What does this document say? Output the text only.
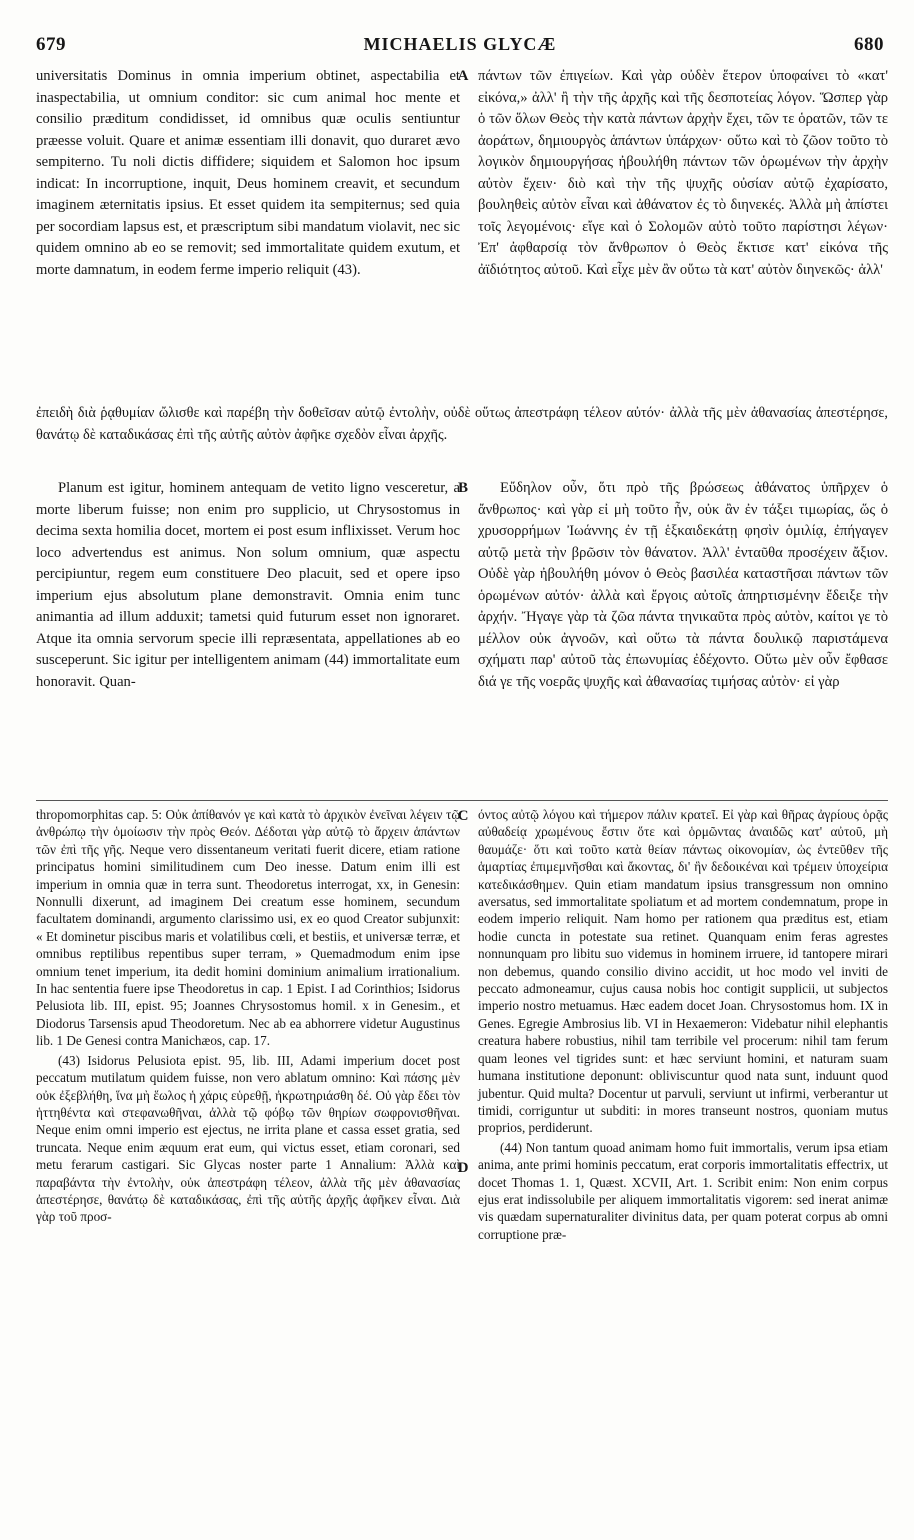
679	MICHAELIS GLYCÆ	680

universitatis Dominus in omnia imperium obtinet, aspectabilia et inaspectabilia, ut omnium conditor: sic cum animal hoc mente et consilio præditum condidisset, id omnibus quæ oculis sentiuntur præesse voluit. Quare et animæ essentiam illi donavit, quo duraret ævo sempiterno. Tu noli dictis diffidere; siquidem et Salomon hoc ipsum indicat: In incorruptione, inquit, Deus hominem creavit, et secundum imaginem æternitatis ipsius. Et esset quidem ita sempiternus; sed quia per socordiam lapsus est, et præscriptum sibi mandatum violavit, nec sic quidem omnino ab eo se removit; sed immortalitate quidem exutum, et morte damnatum, in eodem ferme imperio reliquit (43).

πάντων τῶν ἐπιγείων. Καὶ γὰρ οὐδὲν ἕτερον ὑποφαίνει τὸ «κατ' εἰκόνα,» ἀλλ' ἢ τὴν τῆς ἀρχῆς καὶ τῆς δεσποτείας λόγον. Ὥσπερ γὰρ ὁ τῶν ὅλων Θεὸς τὴν κατὰ πάντων ἀρχὴν ἔχει, τῶν τε ὁρατῶν, τῶν τε ἀοράτων, δημιουργὸς ἁπάντων ὑπάρχων· οὕτω καὶ τὸ ζῶον τοῦτο τὸ λογικὸν δημιουργήσας ἠβουλήθη πάντων τῶν ὁρωμένων τὴν ἀρχὴν αὐτὸν ἔχειν· διὸ καὶ τὴν τῆς ψυχῆς οὐσίαν αὐτῷ ἐχαρίσατο, βουληθεὶς αὐτὸν εἶναι καὶ ἀθάνατον ἐς τὸ διηνεκές. Ἀλλὰ μὴ ἀπίστει τοῖς λεγομένοις· εἴγε καὶ ὁ Σολομῶν αὐτὸ τοῦτο παρίστησι λέγων· Ἐπ' ἀφθαρσίᾳ τὸν ἄνθρωπον ὁ Θεὸς ἔκτισε κατ' εἰκόνα τῆς ἀϊδιότητος αὐτοῦ. Καὶ εἶχε μὲν ἂν οὕτω τὰ κατ' αὐτὸν διηνεκῶς· ἀλλ'

A

ἐπειδὴ διὰ ῥᾳθυμίαν ὤλισθε καὶ παρέβη τὴν δοθεῖσαν αὐτῷ ἐντολὴν, οὐδὲ οὕτως ἀπεστράφη τέλεον αὐτόν· ἀλλὰ τῆς μὲν ἀθανασίας ἀπεστέρησε, θανάτῳ δὲ καταδικάσας ἐπὶ τῆς αὐτῆς αὐτὸν ἀφῆκε σχεδὸν εἶναι ἀρχῆς.

Planum est igitur, hominem antequam de vetito ligno vesceretur, a morte liberum fuisse; non enim pro supplicio, ut Chrysostomus in decima sexta homilia docet, mortem ei post esum inflixisset. Verum hoc loco advertendus est animus. Non solum omnium, quæ aspectu percipiuntur, regem eum constituere Deo placuit, sed et opere ipso imperium ejus absolutum plane demonstravit. Omnia enim tunc animantia ad illum adduxit; tametsi quid futurum esset non ignoraret. Atque ita omnia servorum specie illi repræsentata, appellationes ab eo susceperunt. Sic igitur per intelligentem animam (44) immortalitate eum honoravit. Quan-

Εὔδηλον οὖν, ὅτι πρὸ τῆς βρώσεως ἀθάνατος ὑπῆρχεν ὁ ἄνθρωπος· καὶ γὰρ εἰ μὴ τοῦτο ἦν, οὐκ ἂν ἐν τάξει τιμωρίας, ὥς ὁ χρυσορρήμων Ἰωάννης ἐν τῇ ἑξκαιδεκάτῃ φησὶν ὁμιλίᾳ, ἐπήγαγεν αὐτῷ μετὰ τὴν βρῶσιν τὸν θάνατον. Ἀλλ' ἐνταῦθα προσέχειν ἄξιον. Οὐδὲ γὰρ ἠβουλήθη μόνον ὁ Θεὸς βασιλέα καταστῆσαι πάντων τῶν ὁρωμένων αὐτόν· ἀλλὰ καὶ ἔργοις αὐτοῖς ἀπηρτισμένην ἔδειξε τὴν ἀρχήν. Ἤγαγε γὰρ τὰ ζῶα πάντα τηνικαῦτα πρὸς αὐτὸν, καίτοι γε τὸ μέλλον οὐκ ἀγνοῶν, καὶ οὕτω τὰ πάντα δουλικῷ παριστάμενα σχήματι παρ' αὐτοῦ τὰς ἐπωνυμίας ἐδέχοντο. Οὕτω μὲν οὖν ἔφθασε διά γε τῆς νοερᾶς ψυχῆς καὶ ἀθανασίας τιμήσας αὐτὸν· εἰ γὰρ

B

thropomorphitas cap. 5: Οὐκ ἀπίθανόν γε καὶ κατὰ τὸ ἀρχικὸν ἐνεῖναι λέγειν τῷ ἀνθρώπῳ τὴν ὁμοίωσιν τὴν πρὸς Θεόν. Δέδοται γὰρ αὐτῷ τὸ ἄρχειν ἁπάντων τῶν ἐπὶ τῆς γῆς. Neque vero dissentaneum veritati fuerit dicere, etiam ratione principatus homini similitudinem cum Deo inesse. Datum enim illi est imperium in omnia quæ in terra sunt. Theodoretus interrogat, xx, in Genesin: Nonnulli dixerunt, ad imaginem Dei creatum esse hominem, secundum facultatem dominandi, argumento clarissimo usi, ex eo quod Creator subjunxit: « Et dominetur piscibus maris et volatilibus cœli, et bestiis, et universæ terræ, et omnibus reptilibus repentibus super terram, » Quemadmodum enim ipse omnium tenet imperium, ita dedit homini dominium animalium irrationalium. In hac sententia fuere ipse Theodoretus in cap. 1 Epist. I ad Corinthios; Isidorus Pelusiota lib. III, epist. 95; Joannes Chrysostomus homil. x in Genesim., et Diodorus Tarsensis apud Theodoretum. Nec ab ea abhorrere videtur Augustinus lib. 1 De Genesi contra Manichæos, cap. 17.

(43) Isidorus Pelusiota epist. 95, lib. III, Adami imperium docet post peccatum mutilatum quidem fuisse, non vero ablatum omnino: Καὶ πάσης μὲν οὐκ ἐξεβλήθη, ἵνα μὴ ἕωλος ἡ χάρις εὑρεθῇ, ἠκρωτηριάσθη δέ. Οὐ γὰρ ἔδει τὸν ἡττηθέντα καὶ στεφανωθῆναι, ἀλλὰ τῷ φόβῳ τῶν θηρίων σωφρονισθῆναι. Neque enim omni imperio est ejectus, ne irrita plane et cassa esset gratia, sed truncata. Neque enim æquum erat eum, qui victus esset, etiam coronari, sed metu ferarum castigari. Sic Glycas noster parte 1 Annalium: Ἀλλὰ καὶ παραβάντα τὴν ἐντολὴν, οὐκ ἀπεστράφη τέλεον, ἀλλὰ τῆς μὲν ἀθανασίας ἀπεστέρησε, θανάτῳ δὲ καταδικάσας, ἐπὶ τῆς αὐτῆς ἀρχῆς ἀφῆκεν εἶναι. Διὰ γὰρ τοῦ προσ-

όντος αὐτῷ λόγου καὶ τήμερον πάλιν κρατεῖ. Εἰ γὰρ καὶ θῆρας ἀγρίους ὁρᾷς αὐθαδείᾳ χρωμένους ἔστιν ὅτε καὶ ὁρμῶντας ἀναιδῶς κατ' αὐτοῦ, μὴ θαυμάζε· ὅτι καὶ τοῦτο κατὰ θείαν πάντως οἰκονομίαν, ὡς ἐντεῦθεν τῆς ἁμαρτίας ἐπιμεμνῆσθαι καὶ ἄκοντας, δι' ἣν δεδοικέναι καὶ τρέμειν ὑποχείρια κατεδικάσθημεν. Quin etiam mandatum ipsius transgressum non omnino aversatus, sed immortalitate spoliatum et ad mortem condemnatum, prope in eodem imperio reliquit. Nam homo per rationem qua præditus est, etiam hodie cuncta in potestate sua retinet. Quanquam enim feras agrestes nonnunquam pro libitu suo videmus in hominem irruere, id tantopere mirari non debemus, quando consilio divino accidit, ut hoc modo vel inviti de peccato admoneamur, cujus causa nobis hoc contigit supplicii, ut subjectos imperio nostro metuamus. Hæc eadem docet Joan. Chrysostomus hom. IX in Genes. Egregie Ambrosius lib. VI in Hexaemeron: Videbatur nihil elephantis creatura habere robustius, nihil tam terribile vel procerum: nihil tam ferum quam leones vel tigrides sunt: et hæc serviunt homini, et naturam suam humana institutione deponunt: obliviscuntur quod nata sunt, induunt quod jubentur. Quid multa? Docentur ut parvuli, serviunt ut infirmi, verberantur ut timidi, corriguntur ut subditi: in mores transeunt nostros, quoniam mutus proprios, perdiderunt.

(44) Non tantum quoad animam homo fuit immortalis, verum ipsa etiam anima, ante primi hominis peccatum, erat corporis immortalitatis effectrix, ut docet Thomas 1. 1, Quæst. XCVII, Art. 1. Scribit enim: Non enim corpus ejus erat indissolubile per aliquem immortalitatis vigorem: sed inerat animæ vis quædam supernaturaliter divinitus data, per quam poterat corpus ab omni corruptione præ-

C
D
